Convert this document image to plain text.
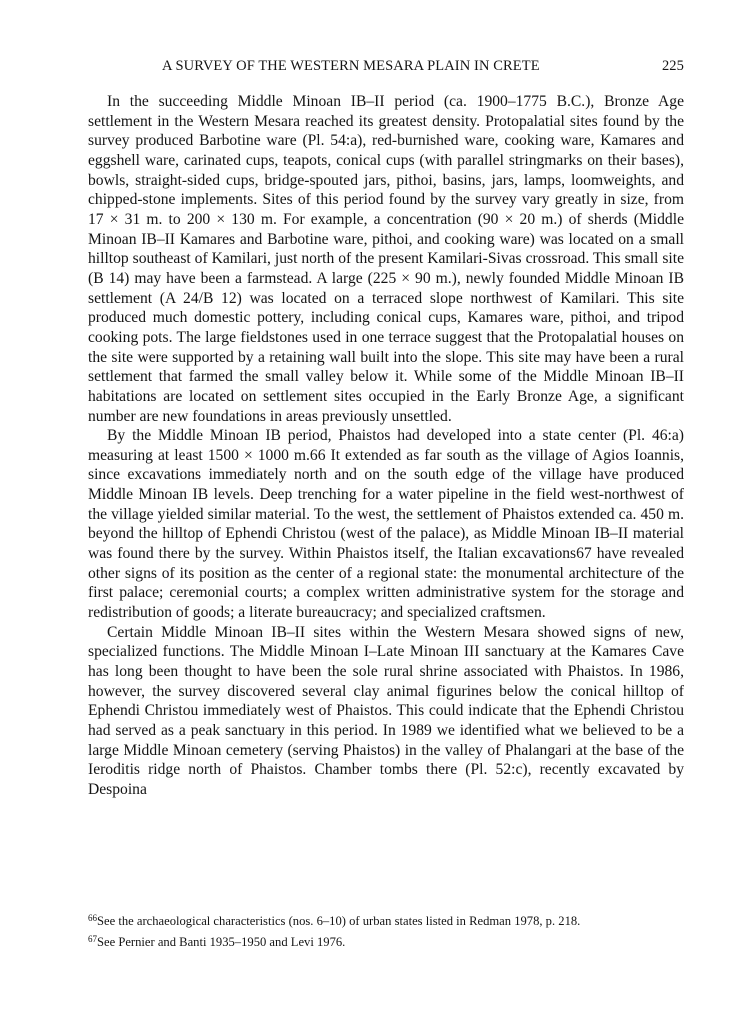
A SURVEY OF THE WESTERN MESARA PLAIN IN CRETE	225

In the succeeding Middle Minoan IB–II period (ca. 1900–1775 B.C.), Bronze Age settlement in the Western Mesara reached its greatest density. Protopalatial sites found by the survey produced Barbotine ware (Pl. 54:a), red-burnished ware, cooking ware, Kamares and eggshell ware, carinated cups, teapots, conical cups (with parallel stringmarks on their bases), bowls, straight-sided cups, bridge-spouted jars, pithoi, basins, jars, lamps, loomweights, and chipped-stone implements. Sites of this period found by the survey vary greatly in size, from 17 × 31 m. to 200 × 130 m. For example, a concentration (90 × 20 m.) of sherds (Middle Minoan IB–II Kamares and Barbotine ware, pithoi, and cooking ware) was located on a small hilltop southeast of Kamilari, just north of the present Kamilari-Sivas crossroad. This small site (B 14) may have been a farmstead. A large (225 × 90 m.), newly founded Middle Minoan IB settlement (A 24/B 12) was located on a terraced slope northwest of Kamilari. This site produced much domestic pottery, including conical cups, Kamares ware, pithoi, and tripod cooking pots. The large fieldstones used in one terrace suggest that the Protopalatial houses on the site were supported by a retaining wall built into the slope. This site may have been a rural settlement that farmed the small valley below it. While some of the Middle Minoan IB–II habitations are located on settlement sites occupied in the Early Bronze Age, a significant number are new foundations in areas previously unsettled.

By the Middle Minoan IB period, Phaistos had developed into a state center (Pl. 46:a) measuring at least 1500 × 1000 m.66 It extended as far south as the village of Agios Ioannis, since excavations immediately north and on the south edge of the village have produced Middle Minoan IB levels. Deep trenching for a water pipeline in the field west-northwest of the village yielded similar material. To the west, the settlement of Phaistos extended ca. 450 m. beyond the hilltop of Ephendi Christou (west of the palace), as Middle Minoan IB–II material was found there by the survey. Within Phaistos itself, the Italian excavations67 have revealed other signs of its position as the center of a regional state: the monumental architecture of the first palace; ceremonial courts; a complex written administrative system for the storage and redistribution of goods; a literate bureaucracy; and specialized craftsmen.

Certain Middle Minoan IB–II sites within the Western Mesara showed signs of new, specialized functions. The Middle Minoan I–Late Minoan III sanctuary at the Kamares Cave has long been thought to have been the sole rural shrine associated with Phaistos. In 1986, however, the survey discovered several clay animal figurines below the conical hilltop of Ephendi Christou immediately west of Phaistos. This could indicate that the Ephendi Christou had served as a peak sanctuary in this period. In 1989 we identified what we believed to be a large Middle Minoan cemetery (serving Phaistos) in the valley of Phalangari at the base of the Ieroditis ridge north of Phaistos. Chamber tombs there (Pl. 52:c), recently excavated by Despoina

$^{66}$See the archaeological characteristics (nos. 6–10) of urban states listed in Redman 1978, p. 218.

$^{67}$See Pernier and Banti 1935–1950 and Levi 1976.
